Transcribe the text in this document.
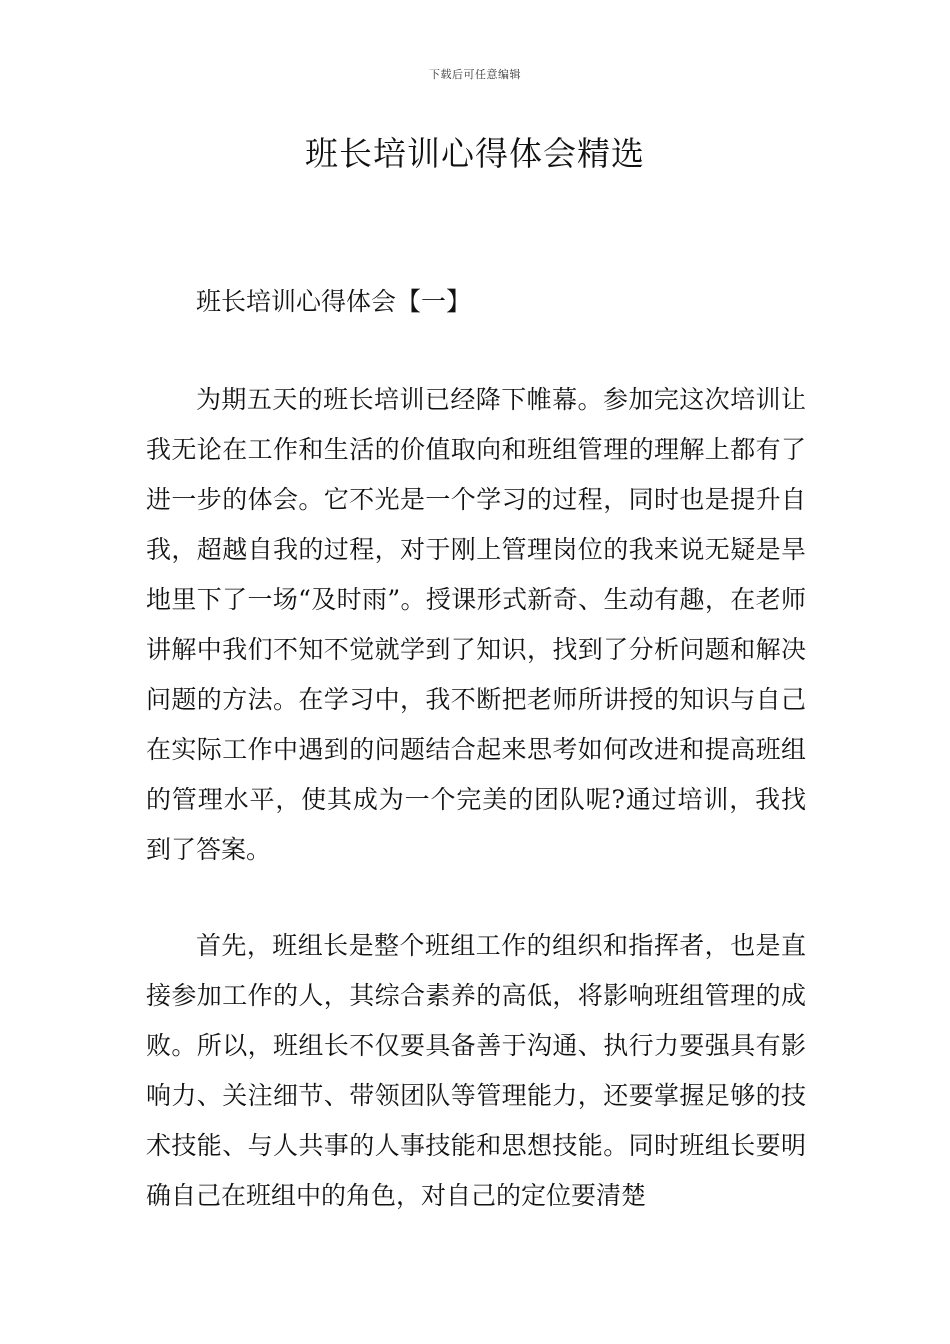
下载后可任意编辑
班长培训心得体会精选
班长培训心得体会【一】

为期五天的班长培训已经降下帷幕。参加完这次培训让我无论在工作和生活的价值取向和班组管理的理解上都有了进一步的体会。它不光是一个学习的过程，同时也是提升自我，超越自我的过程，对于刚上管理岗位的我来说无疑是旱地里下了一场“及时雨”。授课形式新奇、生动有趣，在老师讲解中我们不知不觉就学到了知识，找到了分析问题和解决问题的方法。在学习中，我不断把老师所讲授的知识与自己在实际工作中遇到的问题结合起来思考如何改进和提高班组的管理水平，使其成为一个完美的团队呢?通过培训，我找到了答案。

首先，班组长是整个班组工作的组织和指挥者，也是直接参加工作的人，其综合素养的高低，将影响班组管理的成败。所以，班组长不仅要具备善于沟通、执行力要强具有影响力、关注细节、带领团队等管理能力，还要掌握足够的技术技能、与人共事的人事技能和思想技能。同时班组长要明确自己在班组中的角色，对自己的定位要清楚
